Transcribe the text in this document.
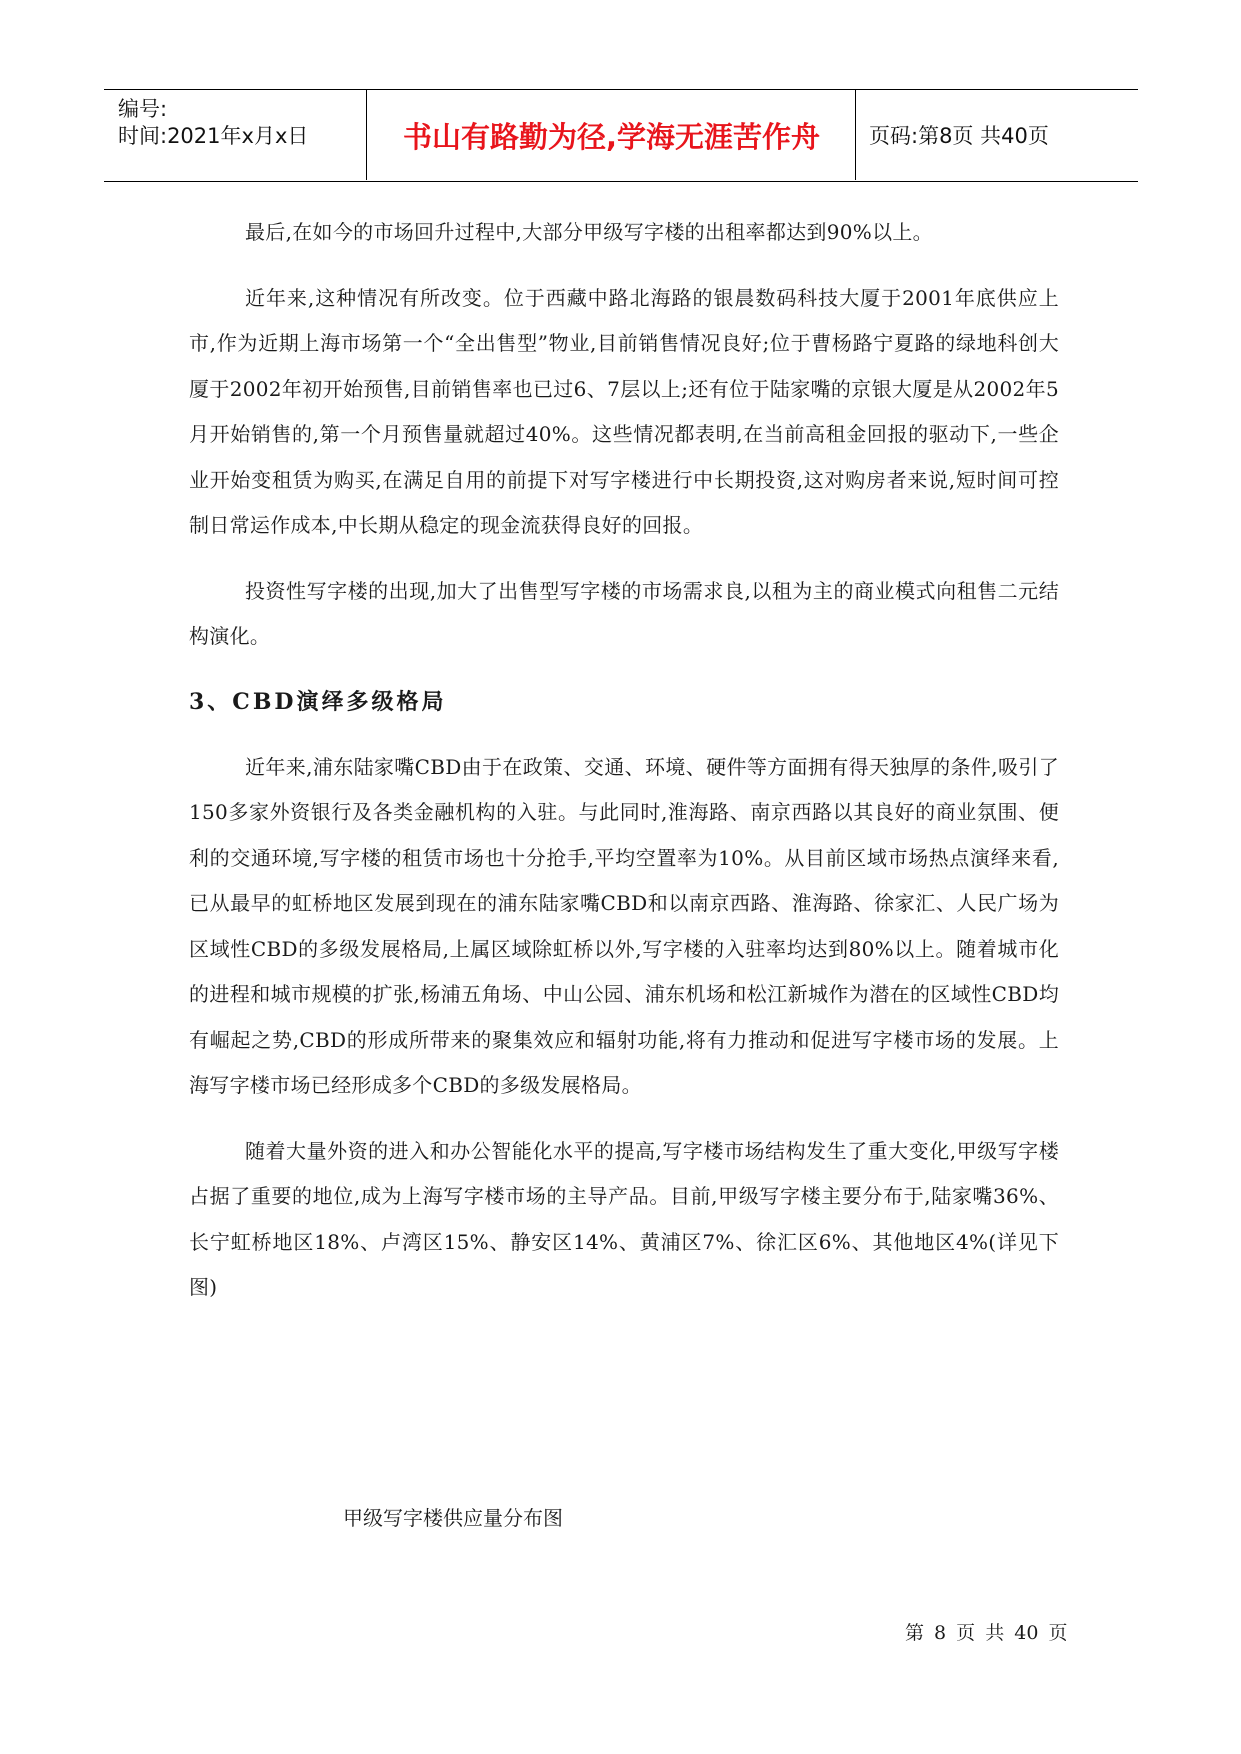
编号:
时间:2021年x月x日	书山有路勤为径,学海无涯苦作舟	页码:第8页 共40页

最后,在如今的市场回升过程中,大部分甲级写字楼的出租率都达到90%以上。

近年来,这种情况有所改变。位于西藏中路北海路的银晨数码科技大厦于2001年底供应上市,作为近期上海市场第一个“全出售型”物业,目前销售情况良好;位于曹杨路宁夏路的绿地科创大厦于2002年初开始预售,目前销售率也已过6、7层以上;还有位于陆家嘴的京银大厦是从2002年5月开始销售的,第一个月预售量就超过40%。这些情况都表明,在当前高租金回报的驱动下,一些企业开始变租赁为购买,在满足自用的前提下对写字楼进行中长期投资,这对购房者来说,短时间可控制日常运作成本,中长期从稳定的现金流获得良好的回报。

投资性写字楼的出现,加大了出售型写字楼的市场需求良,以租为主的商业模式向租售二元结构演化。

3、CBD演绎多级格局

近年来,浦东陆家嘴CBD由于在政策、交通、环境、硬件等方面拥有得天独厚的条件,吸引了150多家外资银行及各类金融机构的入驻。与此同时,淮海路、南京西路以其良好的商业氛围、便利的交通环境,写字楼的租赁市场也十分抢手,平均空置率为10%。从目前区域市场热点演绎来看,已从最早的虹桥地区发展到现在的浦东陆家嘴CBD和以南京西路、淮海路、徐家汇、人民广场为区域性CBD的多级发展格局,上属区域除虹桥以外,写字楼的入驻率均达到80%以上。随着城市化的进程和城市规模的扩张,杨浦五角场、中山公园、浦东机场和松江新城作为潜在的区域性CBD均有崛起之势,CBD的形成所带来的聚集效应和辐射功能,将有力推动和促进写字楼市场的发展。上海写字楼市场已经形成多个CBD的多级发展格局。

随着大量外资的进入和办公智能化水平的提高,写字楼市场结构发生了重大变化,甲级写字楼占据了重要的地位,成为上海写字楼市场的主导产品。目前,甲级写字楼主要分布于,陆家嘴36%、长宁虹桥地区18%、卢湾区15%、静安区14%、黄浦区7%、徐汇区6%、其他地区4%(详见下图)

甲级写字楼供应量分布图
第 8 页 共 40 页
